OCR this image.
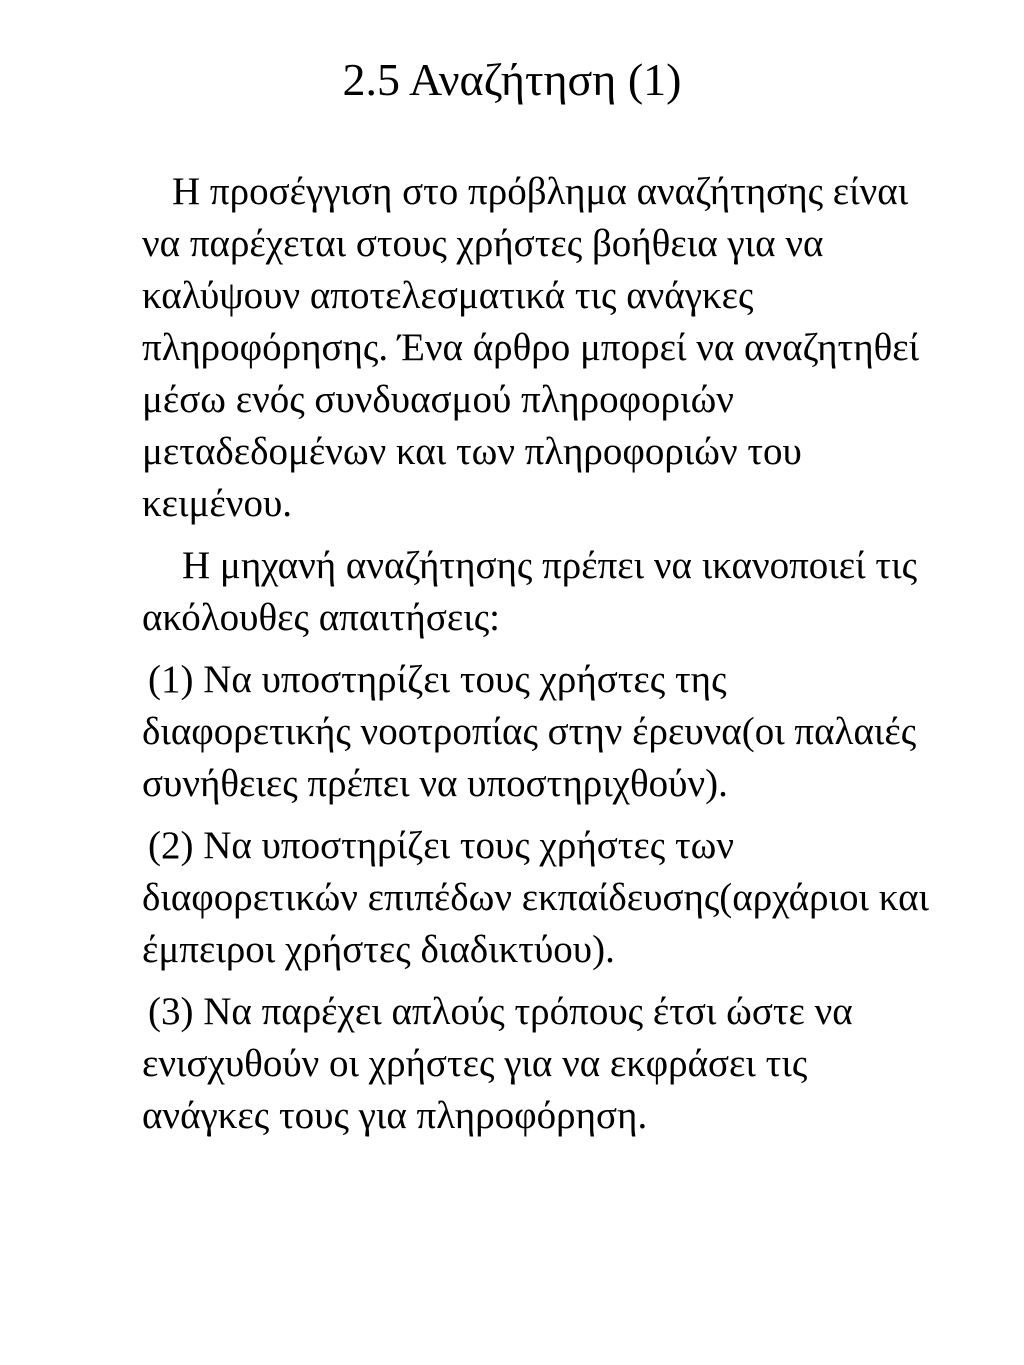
2.5 Αναζήτηση (1)

Η προσέγγιση στο πρόβλημα αναζήτησης είναι να παρέχεται στους χρήστες βοήθεια για να καλύψουν αποτελεσματικά τις ανάγκες πληροφόρησης. Ένα άρθρο μπορεί να αναζητηθεί μέσω ενός συνδυασμού πληροφοριών μεταδεδομένων και των πληροφοριών του κειμένου.

Η μηχανή αναζήτησης πρέπει να ικανοποιεί τις ακόλουθες απαιτήσεις:

(1) Να υποστηρίζει τους χρήστες της διαφορετικής νοοτροπίας στην έρευνα(οι παλαιές συνήθειες πρέπει να υποστηριχθούν).

(2) Να υποστηρίζει τους χρήστες των διαφορετικών επιπέδων εκπαίδευσης(αρχάριοι και έμπειροι χρήστες διαδικτύου).

(3) Να παρέχει απλούς τρόπους έτσι ώστε να ενισχυθούν οι χρήστες για να εκφράσει τις ανάγκες τους για πληροφόρηση.
